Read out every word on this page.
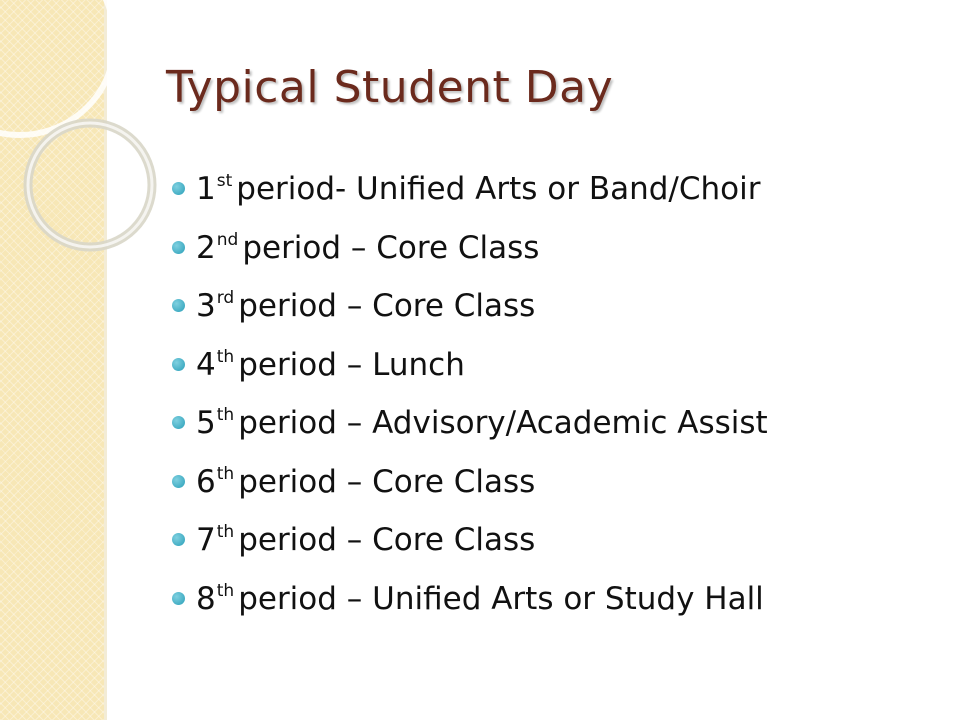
Typical Student Day
1st period- Unified Arts or Band/Choir
2nd period – Core Class
3rd period – Core Class
4th period – Lunch
5th period – Advisory/Academic Assist
6th period – Core Class
7th period – Core Class
8th period – Unified Arts or Study Hall
